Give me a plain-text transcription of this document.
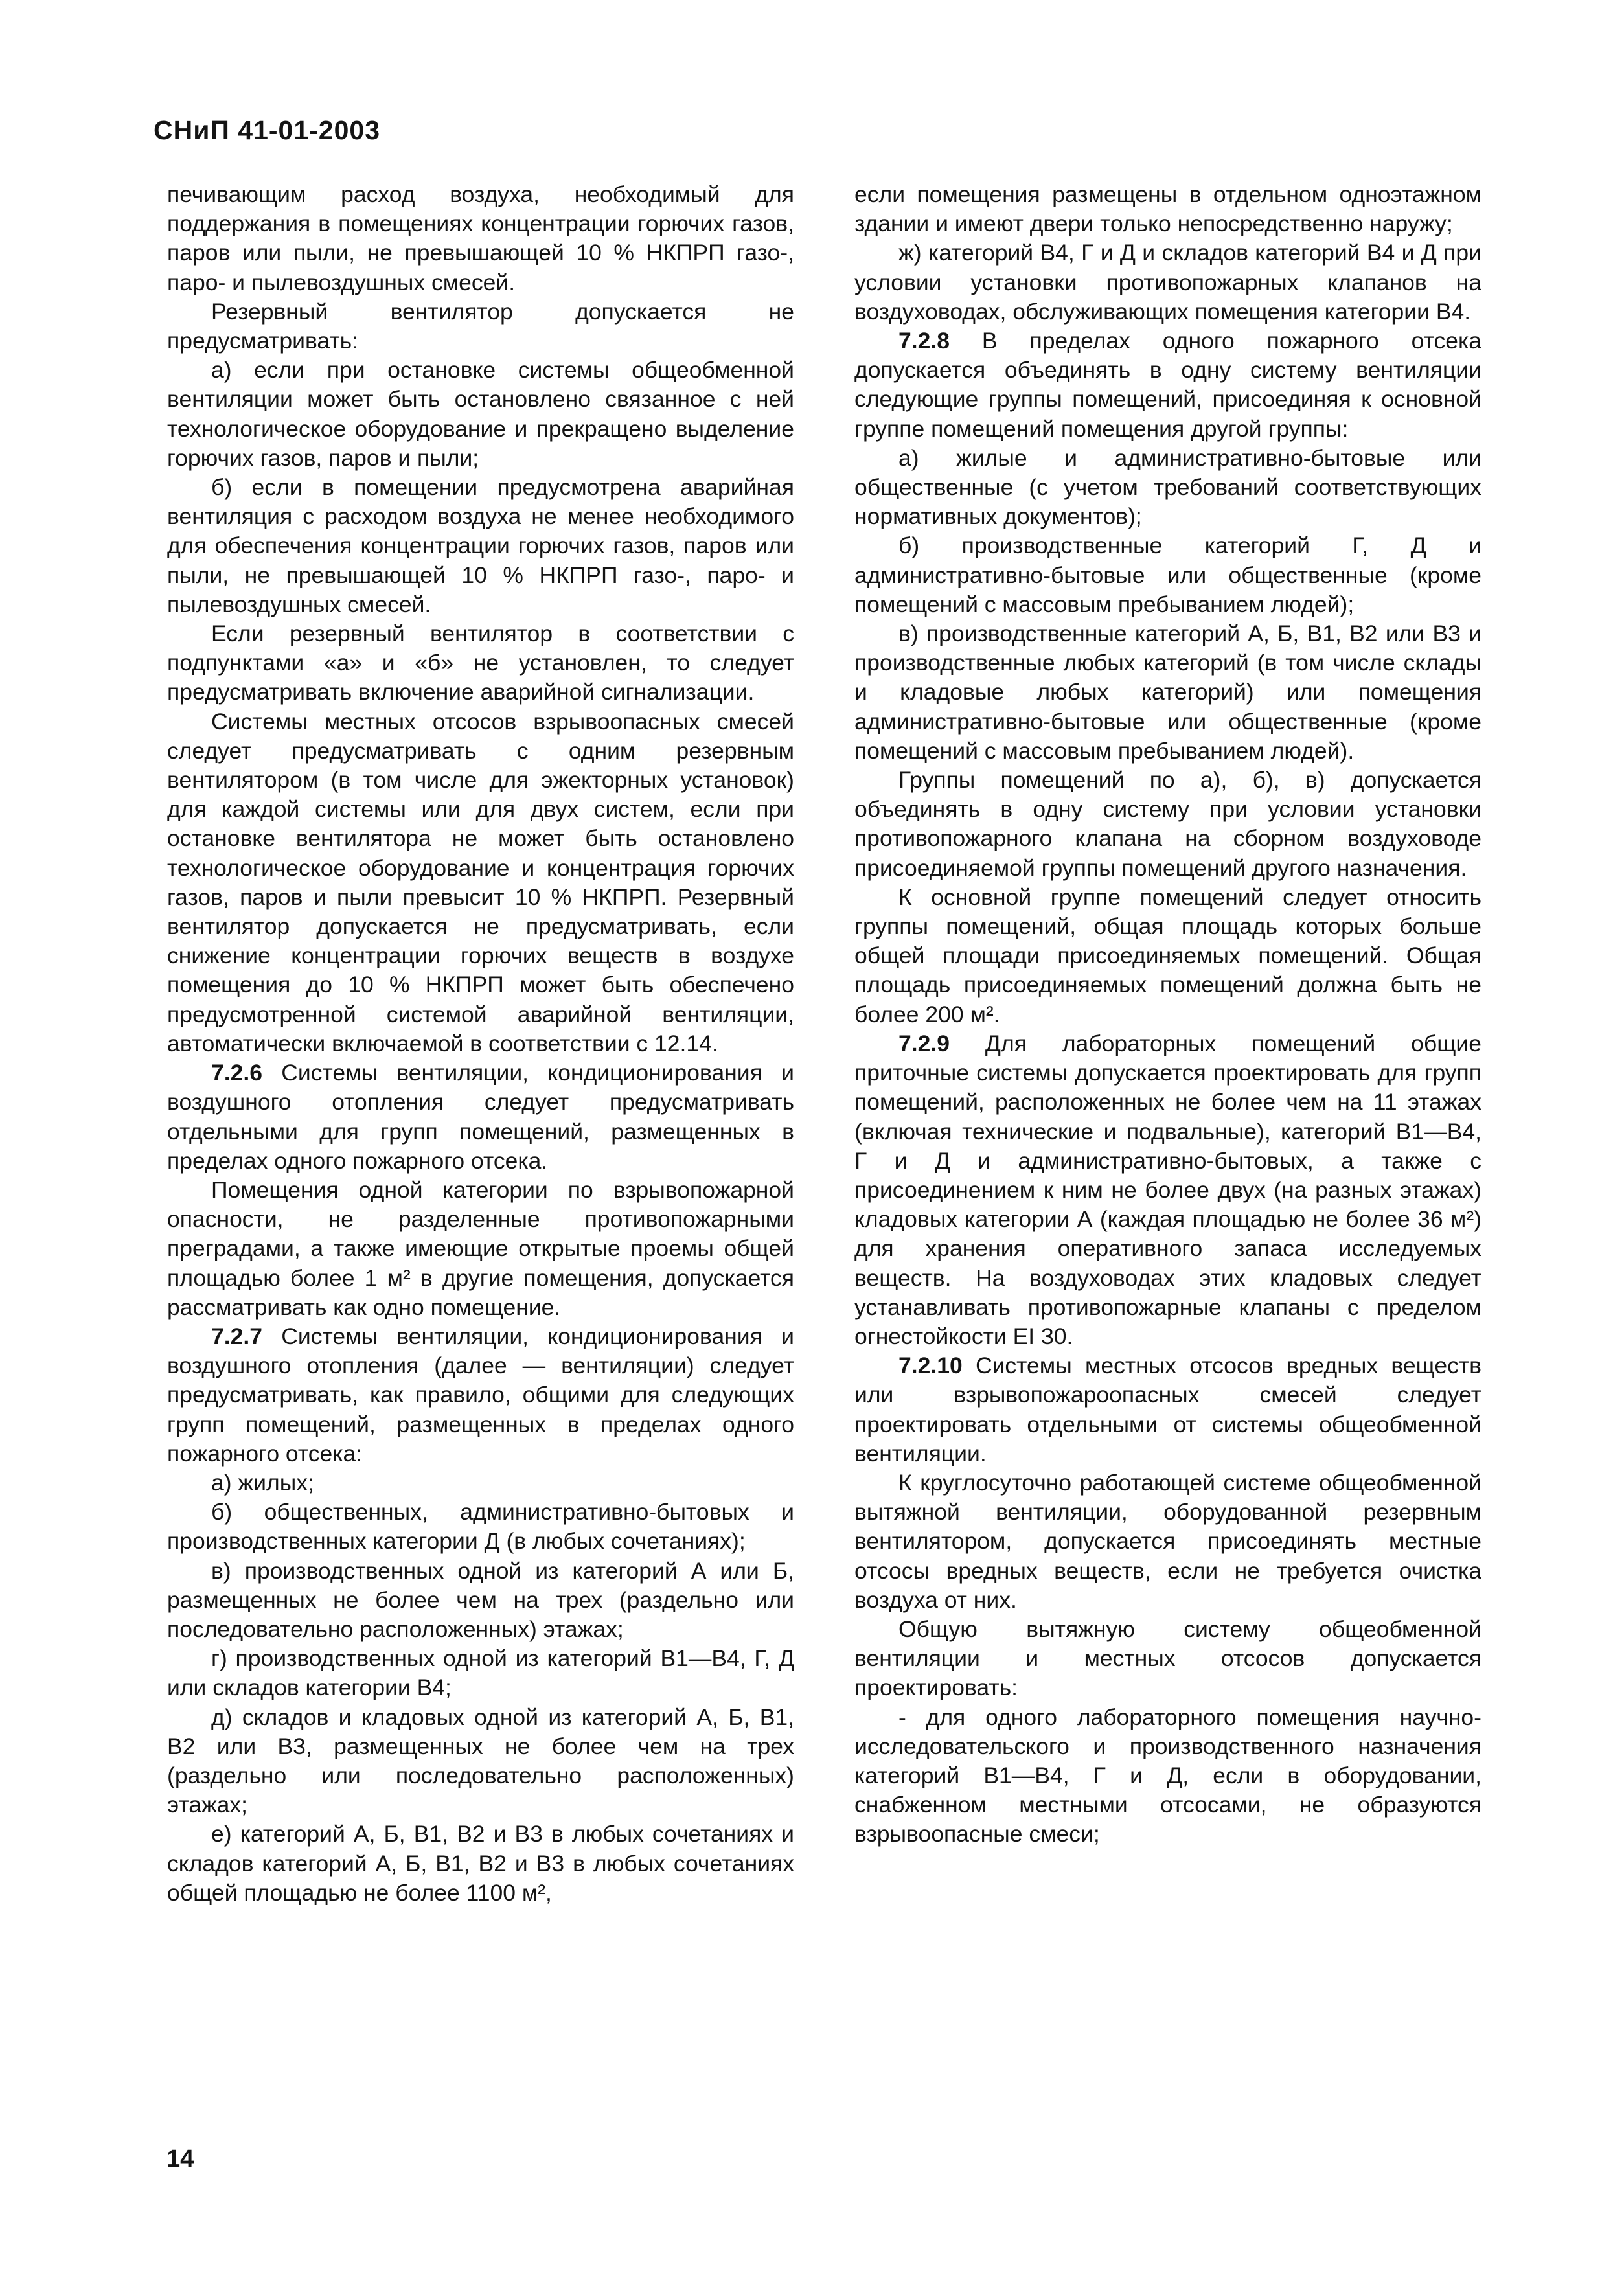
СНиП 41-01-2003

печивающим расход воздуха, необходимый для поддержания в помещениях концентрации горючих газов, паров или пыли, не превышающей 10 % НКПРП газо-, паро- и пылевоздушных смесей.

Резервный вентилятор допускается не предусматривать:

а) если при остановке системы общеобменной вентиляции может быть остановлено связанное с ней технологическое оборудование и прекращено выделение горючих газов, паров и пыли;

б) если в помещении предусмотрена аварийная вентиляция с расходом воздуха не менее необходимого для обеспечения концентрации горючих газов, паров или пыли, не превышающей 10 % НКПРП газо-, паро- и пылевоздушных смесей.

Если резервный вентилятор в соответствии с подпунктами «а» и «б» не установлен, то следует предусматривать включение аварийной сигнализации.

Системы местных отсосов взрывоопасных смесей следует предусматривать с одним резервным вентилятором (в том числе для эжекторных установок) для каждой системы или для двух систем, если при остановке вентилятора не может быть остановлено технологическое оборудование и концентрация горючих газов, паров и пыли превысит 10 % НКПРП. Резервный вентилятор допускается не предусматривать, если снижение концентрации горючих веществ в воздухе помещения до 10 % НКПРП может быть обеспечено предусмотренной системой аварийной вентиляции, автоматически включаемой в соответствии с 12.14.

7.2.6 Системы вентиляции, кондиционирования и воздушного отопления следует предусматривать отдельными для групп помещений, размещенных в пределах одного пожарного отсека.

Помещения одной категории по взрывопожарной опасности, не разделенные противопожарными преградами, а также имеющие открытые проемы общей площадью более 1 м² в другие помещения, допускается рассматривать как одно помещение.

7.2.7 Системы вентиляции, кондиционирования и воздушного отопления (далее — вентиляции) следует предусматривать, как правило, общими для следующих групп помещений, размещенных в пределах одного пожарного отсека:

а) жилых;

б) общественных, административно-бытовых и производственных категории Д (в любых сочетаниях);

в) производственных одной из категорий А или Б, размещенных не более чем на трех (раздельно или последовательно расположенных) этажах;

г) производственных одной из категорий В1—В4, Г, Д или складов категории В4;

д) складов и кладовых одной из категорий А, Б, В1, В2 или В3, размещенных не более чем на трех (раздельно или последовательно расположенных) этажах;

е) категорий А, Б, В1, В2 и В3 в любых сочетаниях и складов категорий А, Б, В1, В2 и В3 в любых сочетаниях общей площадью не более 1100 м²,

если помещения размещены в отдельном одноэтажном здании и имеют двери только непосредственно наружу;

ж) категорий В4, Г и Д и складов категорий В4 и Д при условии установки противопожарных клапанов на воздуховодах, обслуживающих помещения категории В4.

7.2.8 В пределах одного пожарного отсека допускается объединять в одну систему вентиляции следующие группы помещений, присоединяя к основной группе помещений помещения другой группы:

а) жилые и административно-бытовые или общественные (с учетом требований соответствующих нормативных документов);

б) производственные категорий Г, Д и административно-бытовые или общественные (кроме помещений с массовым пребыванием людей);

в) производственные категорий А, Б, В1, В2 или В3 и производственные любых категорий (в том числе склады и кладовые любых категорий) или помещения административно-бытовые или общественные (кроме помещений с массовым пребыванием людей).

Группы помещений по а), б), в) допускается объединять в одну систему при условии установки противопожарного клапана на сборном воздуховоде присоединяемой группы помещений другого назначения.

К основной группе помещений следует относить группы помещений, общая площадь которых больше общей площади присоединяемых помещений. Общая площадь присоединяемых помещений должна быть не более 200 м².

7.2.9 Для лабораторных помещений общие приточные системы допускается проектировать для групп помещений, расположенных не более чем на 11 этажах (включая технические и подвальные), категорий В1—В4, Г и Д и административно-бытовых, а также с присоединением к ним не более двух (на разных этажах) кладовых категории А (каждая площадью не более 36 м²) для хранения оперативного запаса исследуемых веществ. На воздуховодах этих кладовых следует устанавливать противопожарные клапаны с пределом огнестойкости EI 30.

7.2.10 Системы местных отсосов вредных веществ или взрывопожароопасных смесей следует проектировать отдельными от системы общеобменной вентиляции.

К круглосуточно работающей системе общеобменной вытяжной вентиляции, оборудованной резервным вентилятором, допускается присоединять местные отсосы вредных веществ, если не требуется очистка воздуха от них.

Общую вытяжную систему общеобменной вентиляции и местных отсосов допускается проектировать:

- для одного лабораторного помещения научно-исследовательского и производственного назначения категорий В1—В4, Г и Д, если в оборудовании, снабженном местными отсосами, не образуются взрывоопасные смеси;

14
